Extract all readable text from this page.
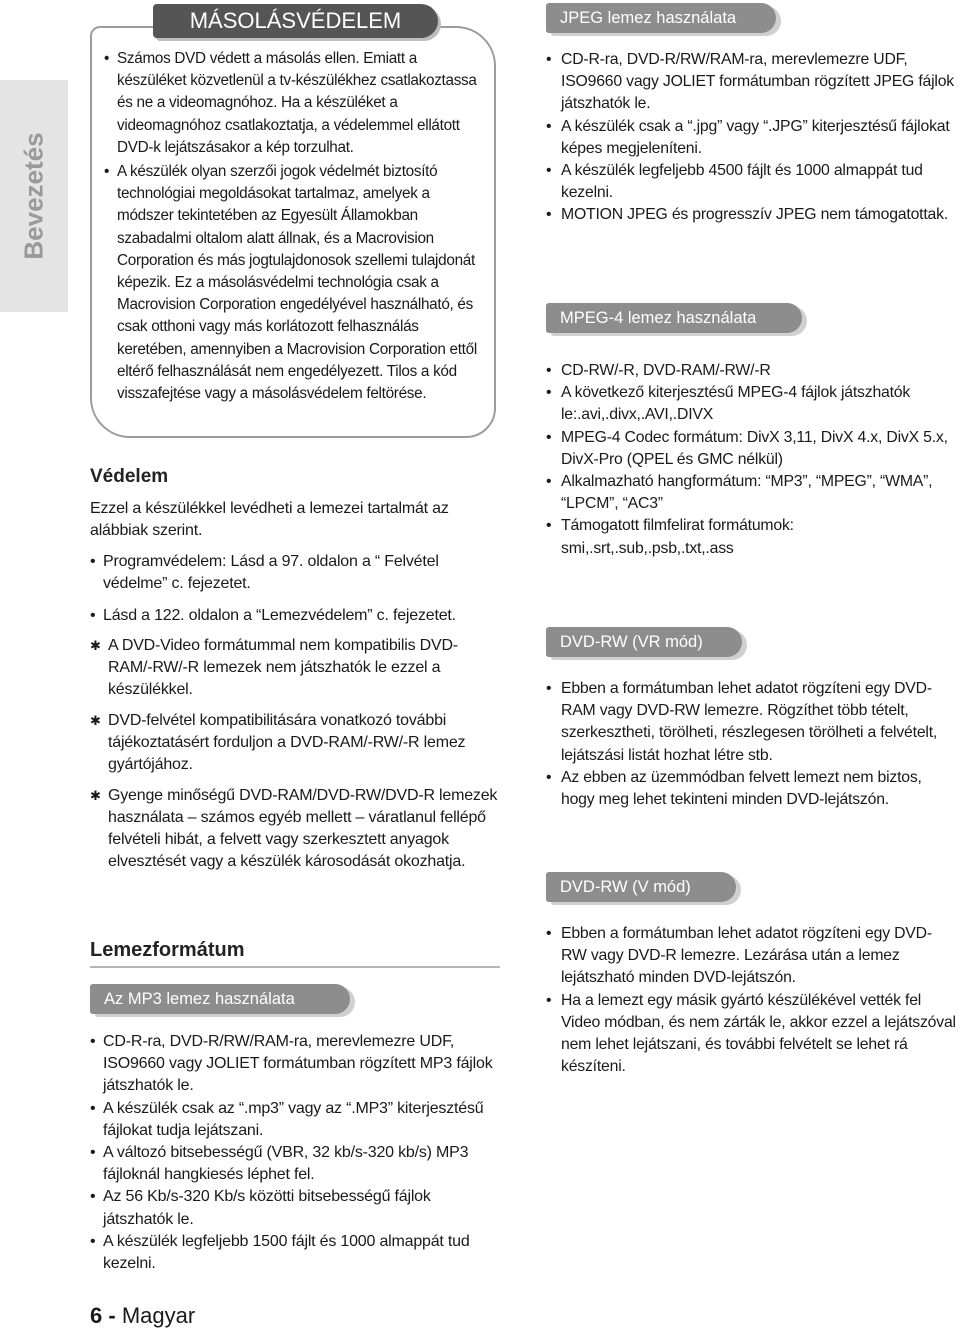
Bevezetés
MÁSOLÁSVÉDELEM
• Számos DVD védett a másolás ellen. Emiatt a készüléket közvetlenül a tv-készülékhez csatlakoztassa és ne a videomagnóhoz. Ha a készüléket a videomagnóhoz csatlakoztatja, a védelemmel ellátott DVD-k lejátszásakor a kép torzulhat.
• A készülék olyan szerzői jogok védelmét biztosító technológiai megoldásokat tartalmaz, amelyek a módszer tekintetében az Egyesült Államokban szabadalmi oltalom alatt állnak, és a Macrovision Corporation és más jogtulajdonosok szellemi tulajdonát képezik. Ez a másolásvédelmi technológia csak a Macrovision Corporation engedélyével használható, és csak otthoni vagy más korlátozott felhasználás keretében, amennyiben a Macrovision Corporation ettől eltérő felhasználását nem engedélyezett. Tilos a kód visszafejtése vagy a másolásvédelem feltörése.
Védelem
Ezzel a készülékkel levédheti a lemezei tartalmát az alábbiak szerint.
• Programvédelem: Lásd a 97. oldalon a “ Felvétel védelme” c. fejezetet.
• Lásd a 122. oldalon a “Lemezvédelem” c. fejezetet.
✱ A DVD-Video formátummal nem kompatibilis DVD-RAM/-RW/-R lemezek nem játszhatók le ezzel a készülékkel.
✱ DVD-felvétel kompatibilitására vonatkozó további tájékoztatásért forduljon a DVD-RAM/-RW/-R lemez gyártójához.
✱ Gyenge minőségű DVD-RAM/DVD-RW/DVD-R lemezek használata – számos egyéb mellett – váratlanul fellépő felvételi hibát, a felvett vagy szerkesztett anyagok elvesztését vagy a készülék károsodását okozhatja.
Lemezformátum
Az MP3 lemez használata
• CD-R-ra, DVD-R/RW/RAM-ra, merevlemezre UDF, ISO9660 vagy JOLIET formátumban rögzített MP3 fájlok játszhatók le.
• A készülék csak az “.mp3” vagy az “.MP3” kiterjesztésű fájlokat tudja lejátszani.
• A változó bitsebességű (VBR, 32 kb/s-320 kb/s) MP3 fájloknál hangkiesés léphet fel.
• Az 56 Kb/s-320 Kb/s közötti bitsebességű fájlok játszhatók le.
• A készülék legfeljebb 1500 fájlt és 1000 almappát tud kezelni.
JPEG lemez használata
• CD-R-ra, DVD-R/RW/RAM-ra, merevlemezre UDF, ISO9660 vagy JOLIET formátumban rögzített JPEG fájlok játszhatók le.
• A készülék csak a “.jpg” vagy “.JPG” kiterjesztésű fájlokat képes megjeleníteni.
• A készülék legfeljebb 4500 fájlt és 1000 almappát tud kezelni.
• MOTION JPEG és progresszív JPEG nem támogatottak.
MPEG-4 lemez használata
• CD-RW/-R, DVD-RAM/-RW/-R
• A következő kiterjesztésű MPEG-4 fájlok játszhatók le:.avi,.divx,.AVI,.DIVX
• MPEG-4 Codec formátum: DivX 3,11, DivX 4.x, DivX 5.x, DivX-Pro (QPEL és GMC nélkül)
• Alkalmazható hangformátum: “MP3”, “MPEG”, “WMA”, “LPCM”, “AC3”
• Támogatott filmfelirat formátumok: smi,.srt,.sub,.psb,.txt,.ass
DVD-RW (VR mód)
• Ebben a formátumban lehet adatot rögzíteni egy DVD-RAM vagy DVD-RW lemezre. Rögzíthet több tételt, szerkesztheti, törölheti, részlegesen törölheti a felvételt, lejátszási listát hozhat létre stb.
• Az ebben az üzemmódban felvett lemezt nem biztos, hogy meg lehet tekinteni minden DVD-lejátszón.
DVD-RW (V mód)
• Ebben a formátumban lehet adatot rögzíteni egy DVD-RW vagy DVD-R lemezre. Lezárása után a lemez lejátszható minden DVD-lejátszón.
• Ha a lemezt egy másik gyártó készülékével vették fel Video módban, és nem zárták le, akkor ezzel a lejátszóval nem lehet lejátszani, és további felvételt se lehet rá készíteni.
6 - Magyar
